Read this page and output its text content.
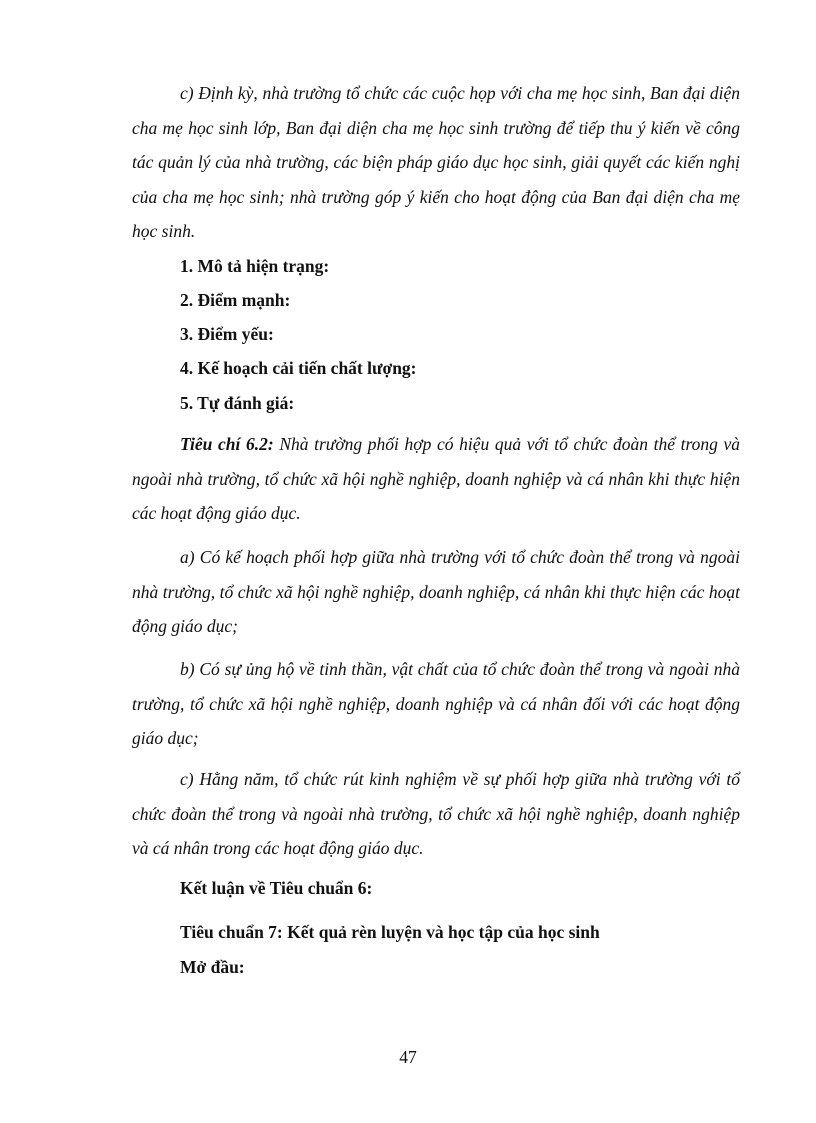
c) Định kỳ, nhà trường tổ chức các cuộc họp với cha mẹ học sinh, Ban đại diện cha mẹ học sinh lớp, Ban đại diện cha mẹ học sinh trường để tiếp thu ý kiến về công tác quản lý của nhà trường, các biện pháp giáo dục học sinh, giải quyết các kiến nghị của cha mẹ học sinh; nhà trường góp ý kiến cho hoạt động của Ban đại diện cha mẹ học sinh.
1. Mô tả hiện trạng:
2. Điểm mạnh:
3. Điểm yếu:
4. Kế hoạch cải tiến chất lượng:
5. Tự đánh giá:
Tiêu chí 6.2: Nhà trường phối hợp có hiệu quả với tổ chức đoàn thể trong và ngoài nhà trường, tổ chức xã hội nghề nghiệp, doanh nghiệp và cá nhân khi thực hiện các hoạt động giáo dục.
a) Có kế hoạch phối hợp giữa nhà trường với tổ chức đoàn thể trong và ngoài nhà trường, tổ chức xã hội nghề nghiệp, doanh nghiệp, cá nhân khi thực hiện các hoạt động giáo dục;
b) Có sự ủng hộ về tinh thần, vật chất của tổ chức đoàn thể trong và ngoài nhà trường, tổ chức xã hội nghề nghiệp, doanh nghiệp và cá nhân đối với các hoạt động giáo dục;
c) Hằng năm, tổ chức rút kinh nghiệm về sự phối hợp giữa nhà trường với tổ chức đoàn thể trong và ngoài nhà trường, tổ chức xã hội nghề nghiệp, doanh nghiệp và cá nhân trong các hoạt động giáo dục.
Kết luận về Tiêu chuẩn 6:
Tiêu chuẩn 7: Kết quả rèn luyện và học tập của học sinh
Mở đầu:
47
